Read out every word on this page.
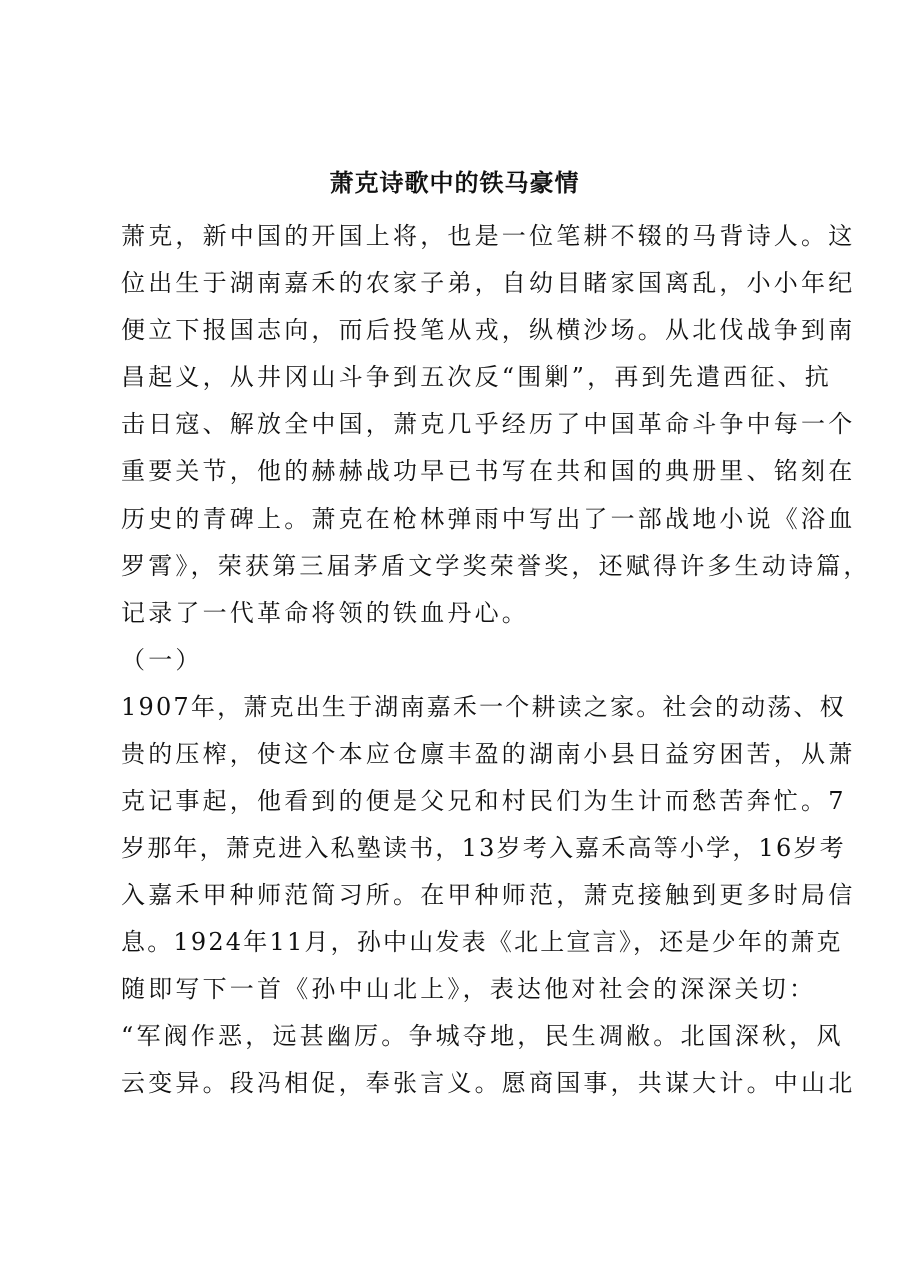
萧克诗歌中的铁马豪情
萧克，新中国的开国上将，也是一位笔耕不辍的马背诗人。这
位出生于湖南嘉禾的农家子弟，自幼目睹家国离乱，小小年纪
便立下报国志向，而后投笔从戎，纵横沙场。从北伐战争到南
昌起义，从井冈山斗争到五次反“围剿”，再到先遣西征、抗
击日寇、解放全中国，萧克几乎经历了中国革命斗争中每一个
重要关节，他的赫赫战功早已书写在共和国的典册里、铭刻在
历史的青碑上。萧克在枪林弹雨中写出了一部战地小说《浴血
罗霄》，荣获第三届茅盾文学奖荣誉奖，还赋得许多生动诗篇，
记录了一代革命将领的铁血丹心。
（一）
1907年，萧克出生于湖南嘉禾一个耕读之家。社会的动荡、权
贵的压榨，使这个本应仓廪丰盈的湖南小县日益穷困苦，从萧
克记事起，他看到的便是父兄和村民们为生计而愁苦奔忙。7
岁那年，萧克进入私塾读书，13岁考入嘉禾高等小学，16岁考
入嘉禾甲种师范简习所。在甲种师范，萧克接触到更多时局信
息。1924年11月，孙中山发表《北上宣言》，还是少年的萧克
随即写下一首《孙中山北上》，表达他对社会的深深关切：
“军阀作恶，远甚幽厉。争城夺地，民生凋敝。北国深秋，风
云变异。段冯相促，奉张言义。愿商国事，共谋大计。中山北
